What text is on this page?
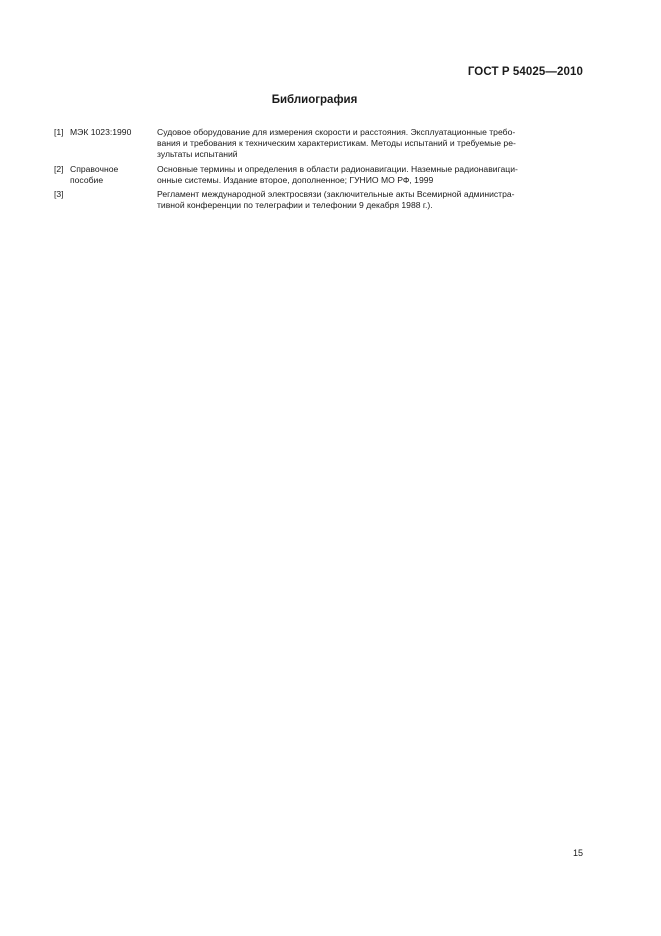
ГОСТ Р 54025—2010
Библиография
[1] МЭК 1023:1990	Судовое оборудование для измерения скорости и расстояния. Эксплуатационные требо-
вания и требования к техническим характеристикам. Методы испытаний и требуемые ре-
зультаты испытаний
[2] Справочное
пособие
Основные термины и определения в области радионавигации. Наземные радионавигаци-
онные системы. Издание второе, дополненное; ГУНИО МО РФ, 1999
[3]	Регламент международной электросвязи (заключительные акты Всемирной администра-
тивной конференции по телеграфии и телефонии 9 декабря 1988 г.).
15
